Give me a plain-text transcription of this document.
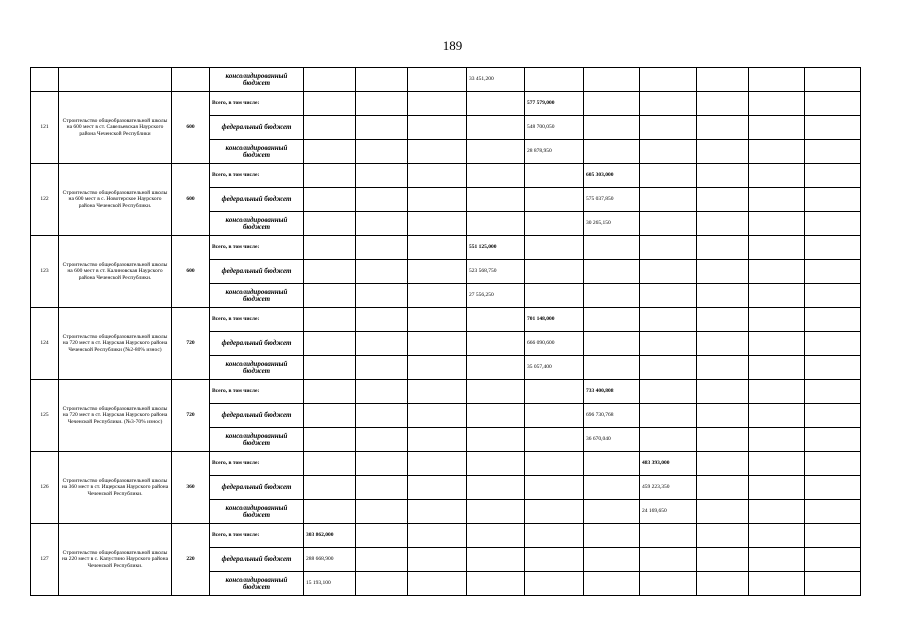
189
			консолидированный бюджет				33 451,200						
121	Строительство общеобразовательной школы на 600 мест в ст. Савельевская Наурского района Чеченской Республики	600	Всего, в том числе:					577 579,000					
			федеральный бюджет					548 700,050					
			консолидированный бюджет					28 878,950					
122	Строительство общеобразовательной школы на 600 мест в с. Новотерское Наурского района Чеченской Республики.	600	Всего, в том числе:						605 303,000				
			федеральный бюджет						575 037,850				
			консолидированный бюджет						30 265,150				
123	Строительство общеобразовательной школы на 600 мест в ст. Калиновская Наурского района Чеченской Республики.	600	Всего, в том числе:				551 125,000						
			федеральный бюджет				523 568,750						
			консолидированный бюджет				27 556,250						
124	Строительство общеобразовательной школы на 720 мест в ст. Наурская Наурского района Чеченской Республики (№2-80% износ)	720	Всего, в том числе:					701 148,000					
			федеральный бюджет					666 090,600					
			консолидированный бюджет					35 057,400					
125	Строительство общеобразовательной школы на 720 мест в ст. Наурская Наурского района Чеченской Республики. (№3-70% износ)	720	Всего, в том числе:						733 400,808				
			федеральный бюджет						696 730,768				
			консолидированный бюджет						36 670,040				
126	Строительство общеобразовательной школы на 360 мест в ст. Ищерская Наурского района Чеченской Республики.	360	Всего, в том числе:							483 393,000			
			федеральный бюджет							459 223,350			
			консолидированный бюджет							24 169,650			
127	Строительство общеобразовательной школы на 220 мест в с. Капустино Наурского района Чеченской Республики.	220	Всего, в том числе:	303 862,000									
			федеральный бюджет	288 668,900									
			консолидированный бюджет	15 193,100									
